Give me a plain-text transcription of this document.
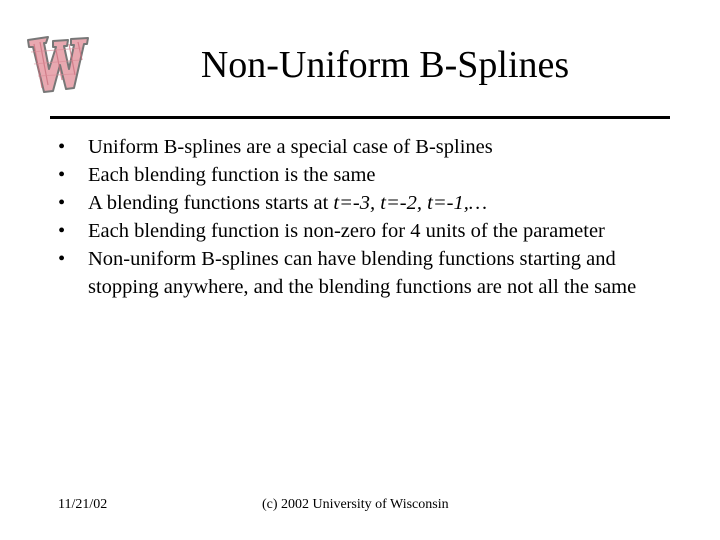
Non-Uniform B-Splines
• Uniform B-splines are a special case of B-splines
• Each blending function is the same
• A blending functions starts at t=-3, t=-2, t=-1,…
• Each blending function is non-zero for 4 units of the parameter
• Non-uniform B-splines can have blending functions starting and stopping anywhere, and the blending functions are not all the same
11/21/02	(c) 2002 University of Wisconsin
